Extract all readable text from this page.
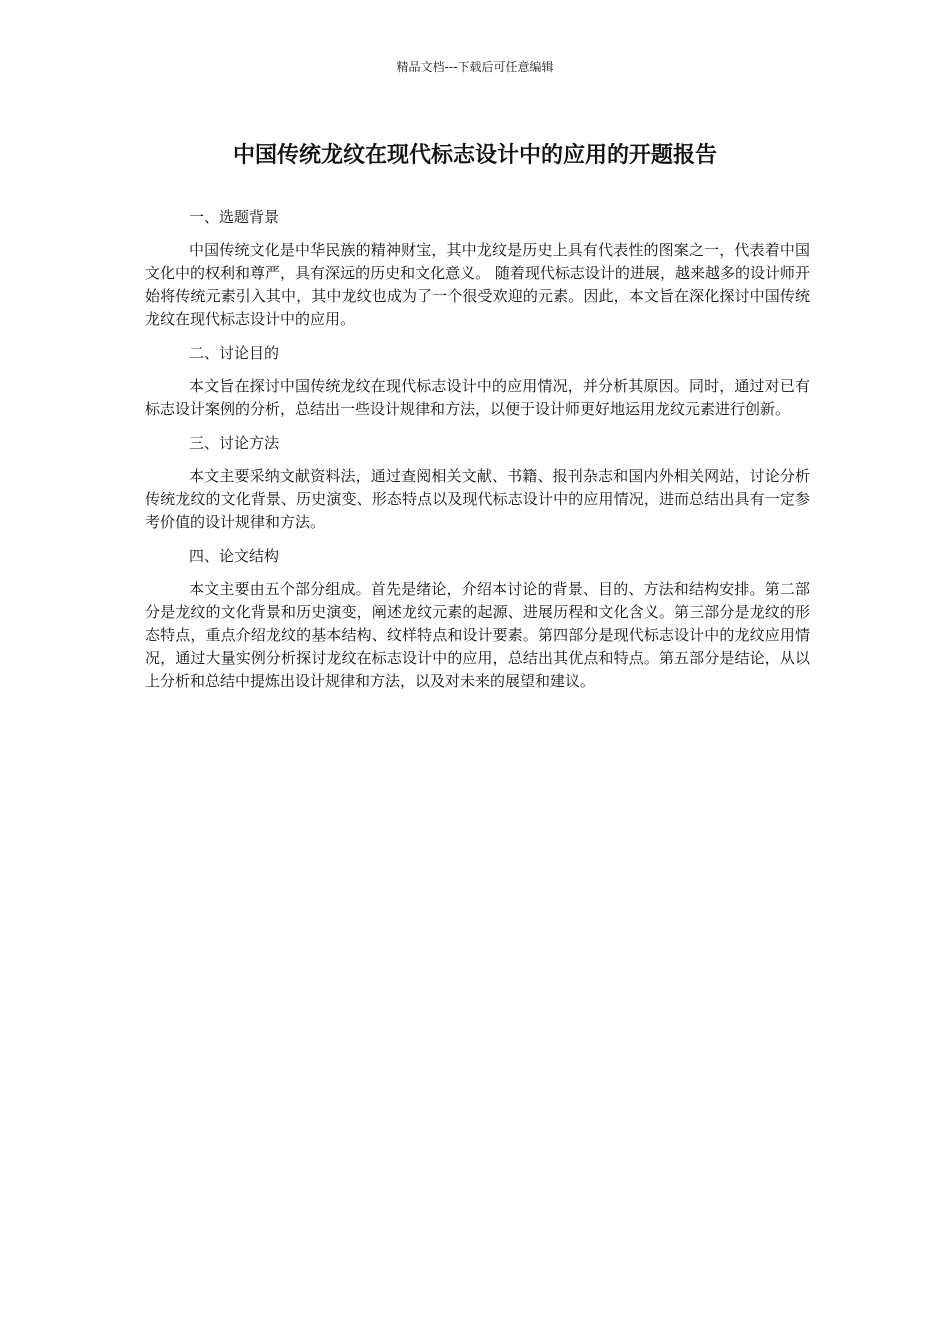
精品文档---下载后可任意编辑
中国传统龙纹在现代标志设计中的应用的开题报告
一、选题背景

中国传统文化是中华民族的精神财宝，其中龙纹是历史上具有代表性的图案之一，代表着中国文化中的权利和尊严，具有深远的历史和文化意义。 随着现代标志设计的进展，越来越多的设计师开始将传统元素引入其中，其中龙纹也成为了一个很受欢迎的元素。因此，本文旨在深化探讨中国传统龙纹在现代标志设计中的应用。

二、讨论目的

本文旨在探讨中国传统龙纹在现代标志设计中的应用情况，并分析其原因。同时，通过对已有标志设计案例的分析，总结出一些设计规律和方法，以便于设计师更好地运用龙纹元素进行创新。

三、讨论方法

本文主要采纳文献资料法，通过查阅相关文献、书籍、报刊杂志和国内外相关网站，讨论分析传统龙纹的文化背景、历史演变、形态特点以及现代标志设计中的应用情况，进而总结出具有一定参考价值的设计规律和方法。

四、论文结构

本文主要由五个部分组成。首先是绪论，介绍本讨论的背景、目的、方法和结构安排。第二部分是龙纹的文化背景和历史演变，阐述龙纹元素的起源、进展历程和文化含义。第三部分是龙纹的形态特点，重点介绍龙纹的基本结构、纹样特点和设计要素。第四部分是现代标志设计中的龙纹应用情况，通过大量实例分析探讨龙纹在标志设计中的应用，总结出其优点和特点。第五部分是结论，从以上分析和总结中提炼出设计规律和方法，以及对未来的展望和建议。
